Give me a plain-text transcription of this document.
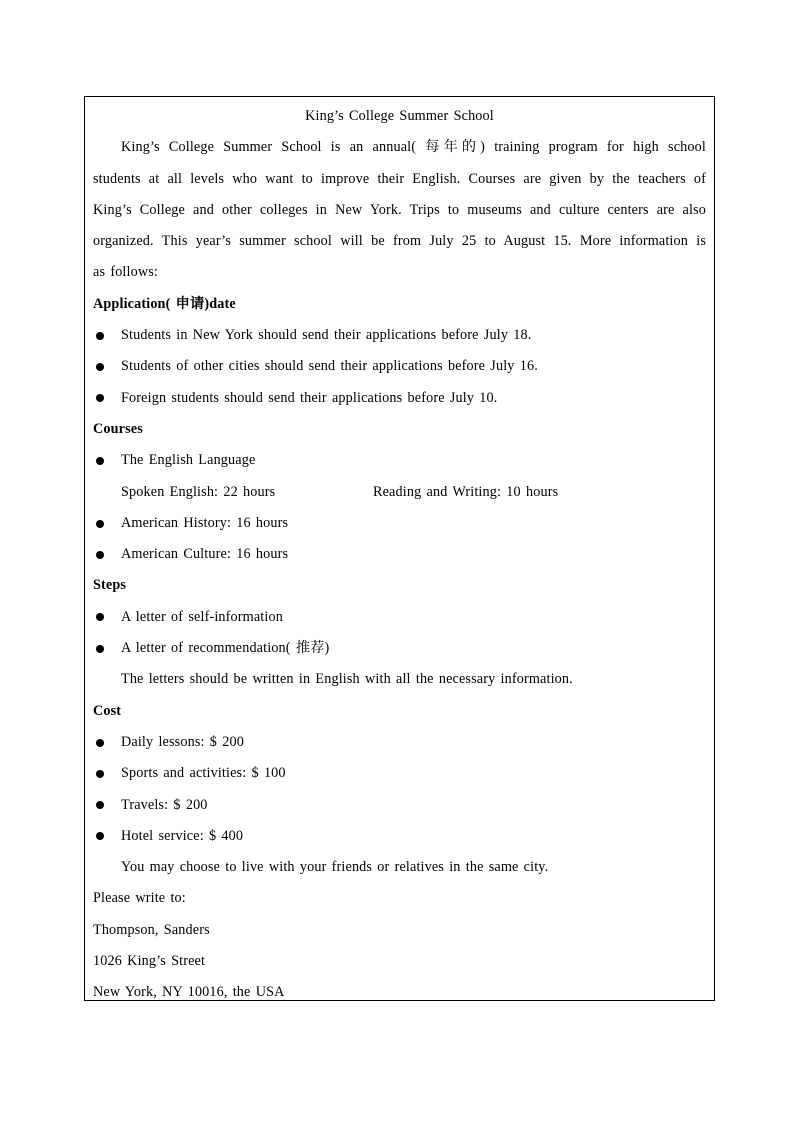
King’s College Summer School
King’s College Summer School is an annual( 每年的) training program for high school
students at all levels who want to improve their English. Courses are given by the teachers of
King’s College and other colleges in New York. Trips to museums and culture centers are also
organized. This year’s summer school will be from July 25 to August 15. More information is
as follows:
Application( 申请)date
Students in New York should send their applications before July 18.
Students of other cities should send their applications before July 16.
Foreign students should send their applications before July 10.
Courses
The English Language
Spoken English: 22 hours	Reading and Writing: 10 hours
American History: 16 hours
American Culture: 16 hours
Steps
A letter of self-information
A letter of recommendation( 推荐)
The letters should be written in English with all the necessary information.
Cost
Daily lessons: $ 200
Sports and activities: $ 100
Travels: $ 200
Hotel service: $ 400
You may choose to live with your friends or relatives in the same city.
Please write to:
Thompson, Sanders
1026 King’s Street
New York, NY 10016, the USA
